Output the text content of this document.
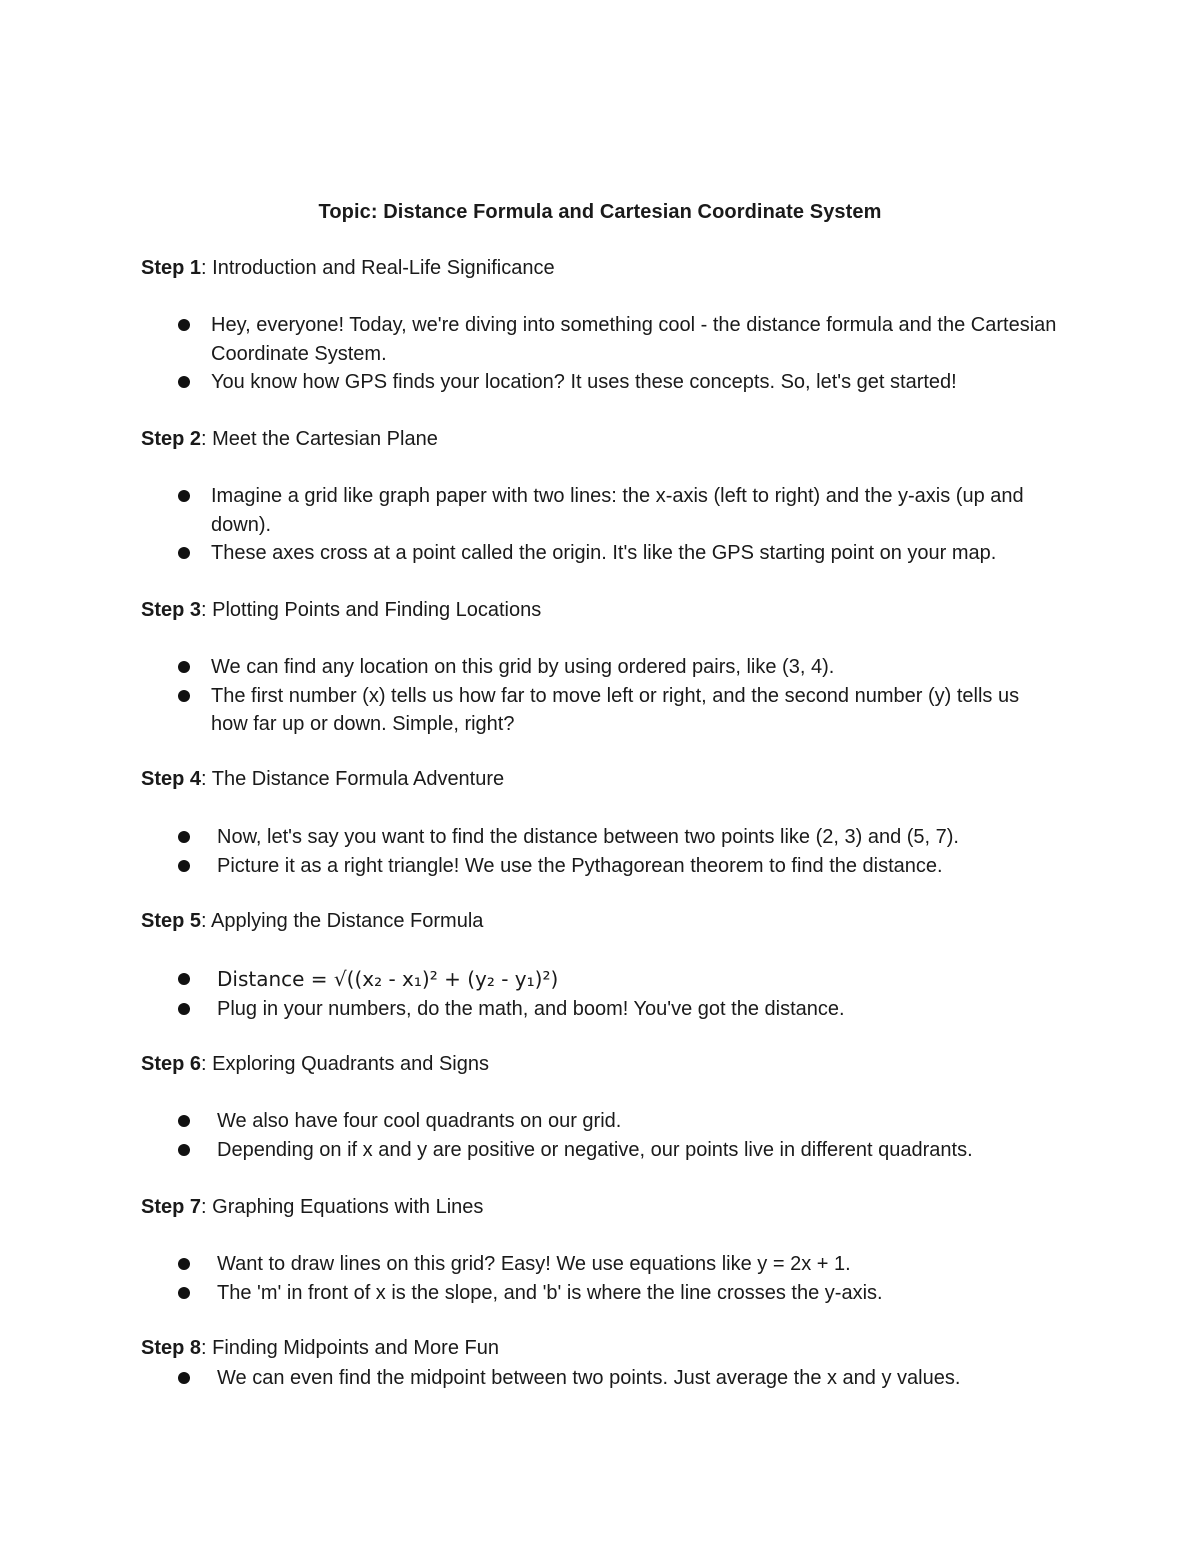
Topic: Distance Formula and Cartesian Coordinate System

Step 1: Introduction and Real-Life Significance

Hey, everyone! Today, we're diving into something cool - the distance formula and the Cartesian Coordinate System.
You know how GPS finds your location? It uses these concepts. So, let's get started!

Step 2: Meet the Cartesian Plane

Imagine a grid like graph paper with two lines: the x-axis (left to right) and the y-axis (up and down).
These axes cross at a point called the origin. It's like the GPS starting point on your map.

Step 3: Plotting Points and Finding Locations

We can find any location on this grid by using ordered pairs, like (3, 4).
The first number (x) tells us how far to move left or right, and the second number (y) tells us how far up or down. Simple, right?

Step 4: The Distance Formula Adventure

Now, let's say you want to find the distance between two points like (2, 3) and (5, 7).
Picture it as a right triangle! We use the Pythagorean theorem to find the distance.

Step 5: Applying the Distance Formula

Distance = √((x₂ - x₁)² + (y₂ - y₁)²)
Plug in your numbers, do the math, and boom! You've got the distance.

Step 6: Exploring Quadrants and Signs

We also have four cool quadrants on our grid.
Depending on if x and y are positive or negative, our points live in different quadrants.

Step 7: Graphing Equations with Lines

Want to draw lines on this grid? Easy! We use equations like y = 2x + 1.
The 'm' in front of x is the slope, and 'b' is where the line crosses the y-axis.

Step 8: Finding Midpoints and More Fun

We can even find the midpoint between two points. Just average the x and y values.
